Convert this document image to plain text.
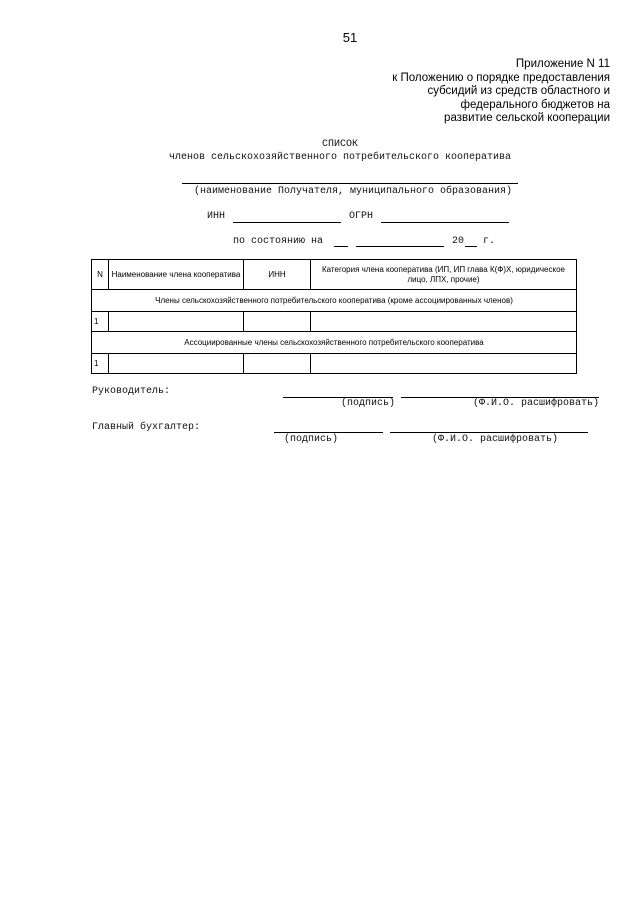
51
Приложение N 11
к Положению о порядке предоставления
субсидий из средств областного и
федерального бюджетов на
развитие сельской кооперации
СПИСОК
членов сельскохозяйственного потребительского кооператива
(наименование Получателя, муниципального образования)
ИНН	ОГРН
по состоянию на	20 г.
N	Наименование члена кооператива	ИНН	Категория члена кооператива (ИП, ИП глава К(Ф)Х, юридическое лицо, ЛПХ, прочие)
Члены сельскохозяйственного потребительского кооператива (кроме ассоциированных членов)			
1			
Ассоциированные члены сельскохозяйственного потребительского кооператива			
1			
Руководитель:
(подпись)	(Ф.И.О. расшифровать)
Главный бухгалтер:
(подпись)	(Ф.И.О. расшифровать)
